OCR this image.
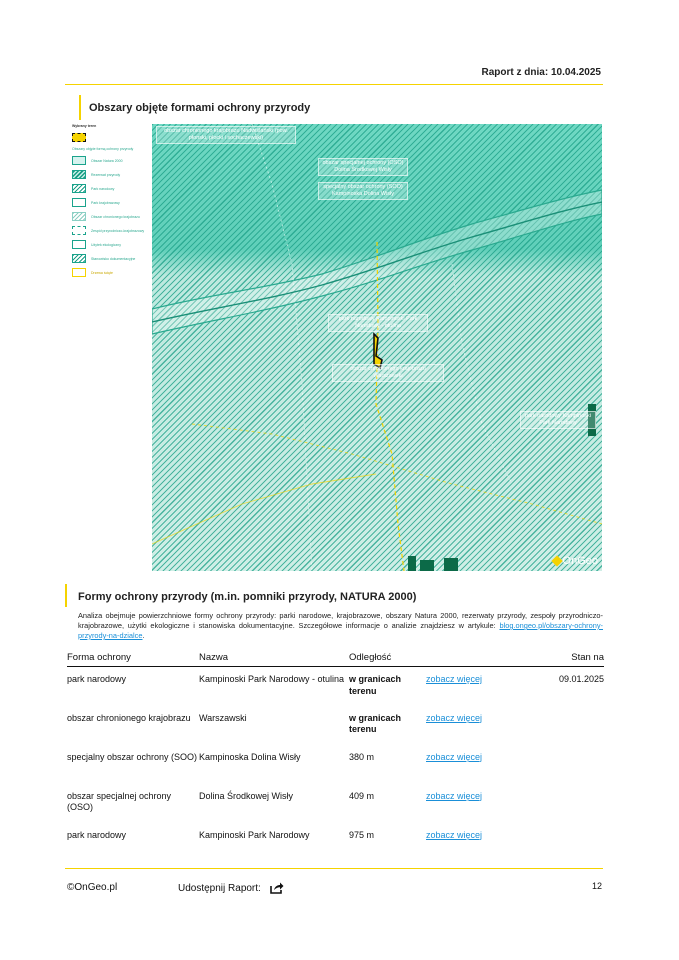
Raport z dnia: 10.04.2025
Obszary objęte formami ochrony przyrody
Wybrany teren
Obszary objęte formą ochrony przyrody
Obszar Natura 2000
Rezerwat przyrody
Park narodowy
Park krajobrazowy
Obszar chronionego krajobrazu
Zespół przyrodniczo-krajobrazowy
Użytek ekologiczny
Stanowisko dokumentacyjne
Drzewa ścięte
obszar chronionego krajobrazu Nadwiślański (pow. płonski, płocki i sochaczewski)
obszar specjalnej ochrony (OSO) Dolina Środkowej Wisły
specjalny obszar ochrony (SOO) Kampinoska Dolina Wisły
park narodowy Kampinoski Park Narodowy - otulina
obszar chronionego krajobrazu Warszawski
park narodowy Kampinoski Park Narodowy
OnGeo
Formy ochrony przyrody (m.in. pomniki przyrody, NATURA 2000)
Analiza obejmuje powierzchniowe formy ochrony przyrody: parki narodowe, krajobrazowe, obszary Natura 2000, rezerwaty przyrody, zespoły przyrodniczo-krajobrazowe, użytki ekologiczne i stanowiska dokumentacyjne. Szczegółowe informacje o analizie znajdziesz w artykule: blog.ongeo.pl/obszary-ochrony-przyrody-na-dzialce.
Forma ochrony	Nazwa	Odległość		Stan na
park narodowy	Kampinoski Park Narodowy - otulina	w granicach terenu	zobacz więcej	09.01.2025
obszar chronionego krajobrazu	Warszawski	w granicach terenu	zobacz więcej	
specjalny obszar ochrony (SOO)	Kampinoska Dolina Wisły	380 m	zobacz więcej	
obszar specjalnej ochrony (OSO)	Dolina Środkowej Wisły	409 m	zobacz więcej	
park narodowy	Kampinoski Park Narodowy	975 m	zobacz więcej	
©OnGeo.pl	Udostępnij Raport:	12
